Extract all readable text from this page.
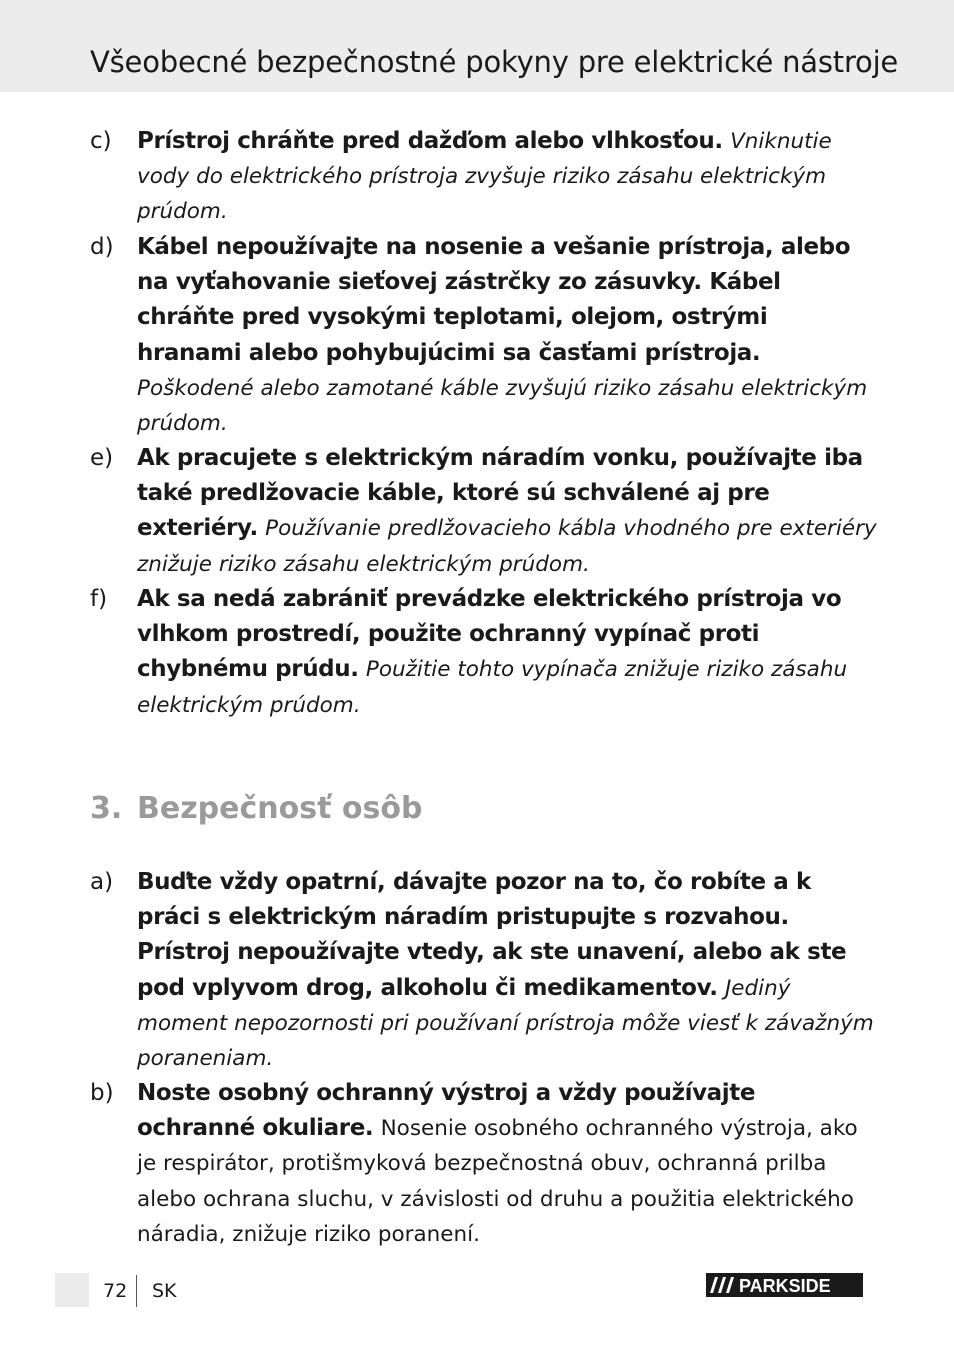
Všeobecné bezpečnostné pokyny pre elektrické nástroje
c) Prístroj chráňte pred dažďom alebo vlhkosťou. Vniknutie vody do elektrického prístroja zvyšuje riziko zásahu elektrickým prúdom.
d) Kábel nepoužívajte na nosenie a vešanie prístroja, alebo na vyťahovanie sieťovej zástrčky zo zásuvky. Kábel chráňte pred vysokými teplotami, olejom, ostrými hranami alebo pohybujúcimi sa časťami prístroja. Poškodené alebo zamotané káble zvyšujú riziko zásahu elektrickým prúdom.
e) Ak pracujete s elektrickým náradím vonku, používajte iba také predlžovacie káble, ktoré sú schválené aj pre exteriéry. Používanie predlžovacieho kábla vhodného pre exteriéry znižuje riziko zásahu elektrickým prúdom.
f) Ak sa nedá zabrániť prevádzke elektrického prístroja vo vlhkom prostredí, použite ochranný vypínač proti chybnému prúdu. Použitie tohto vypínača znižuje riziko zásahu elektrickým prúdom.
3. Bezpečnosť osôb
a) Buďte vždy opatrní, dávajte pozor na to, čo robíte a k práci s elektrickým náradím pristupujte s rozvahou. Prístroj nepoužívajte vtedy, ak ste unavení, alebo ak ste pod vplyvom drog, alkoholu či medikamentov. Jediný moment nepozornosti pri používaní prístroja môže viesť k závažným poraneniam.
b) Noste osobný ochranný výstroj a vždy používajte ochranné okuliare. Nosenie osobného ochranného výstroja, ako je respirátor, protišmyková bezpečnostná obuv, ochranná prilba alebo ochrana sluchu, v závislosti od druhu a použitia elektrického náradia, znižuje riziko poranení.
72 SK	PARKSIDE
